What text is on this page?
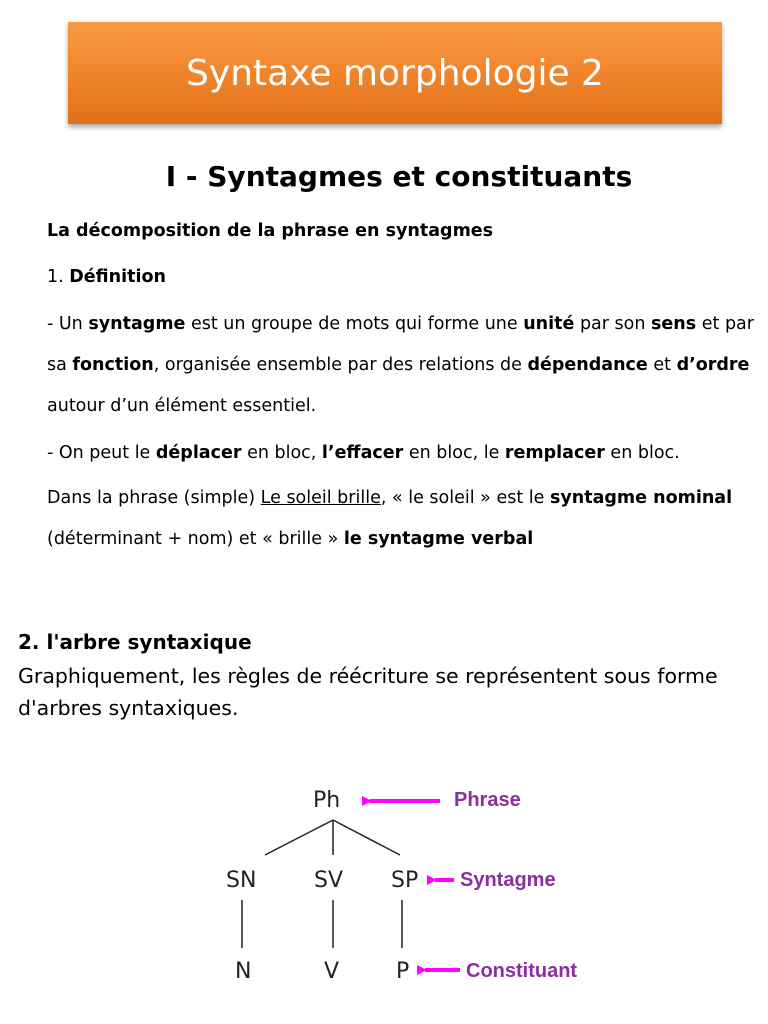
Syntaxe morphologie 2
I - Syntagmes et constituants

La décomposition de la phrase en syntagmes

1. Définition

- Un syntagme est un groupe de mots qui forme une unité par son sens et par sa fonction, organisée ensemble par des relations de dépendance et d’ordre autour d’un élément essentiel.

- On peut le déplacer en bloc, l’effacer en bloc, le remplacer en bloc.

Dans la phrase (simple) Le soleil brille, « le soleil » est le syntagme nominal (déterminant + nom) et « brille » le syntagme verbal

2. l'arbre syntaxique

Graphiquement, les règles de réécriture se représentent sous forme d'arbres syntaxiques.

Ph
SN	SV SP
N	V	P
Phrase
Syntagme
Constituant
